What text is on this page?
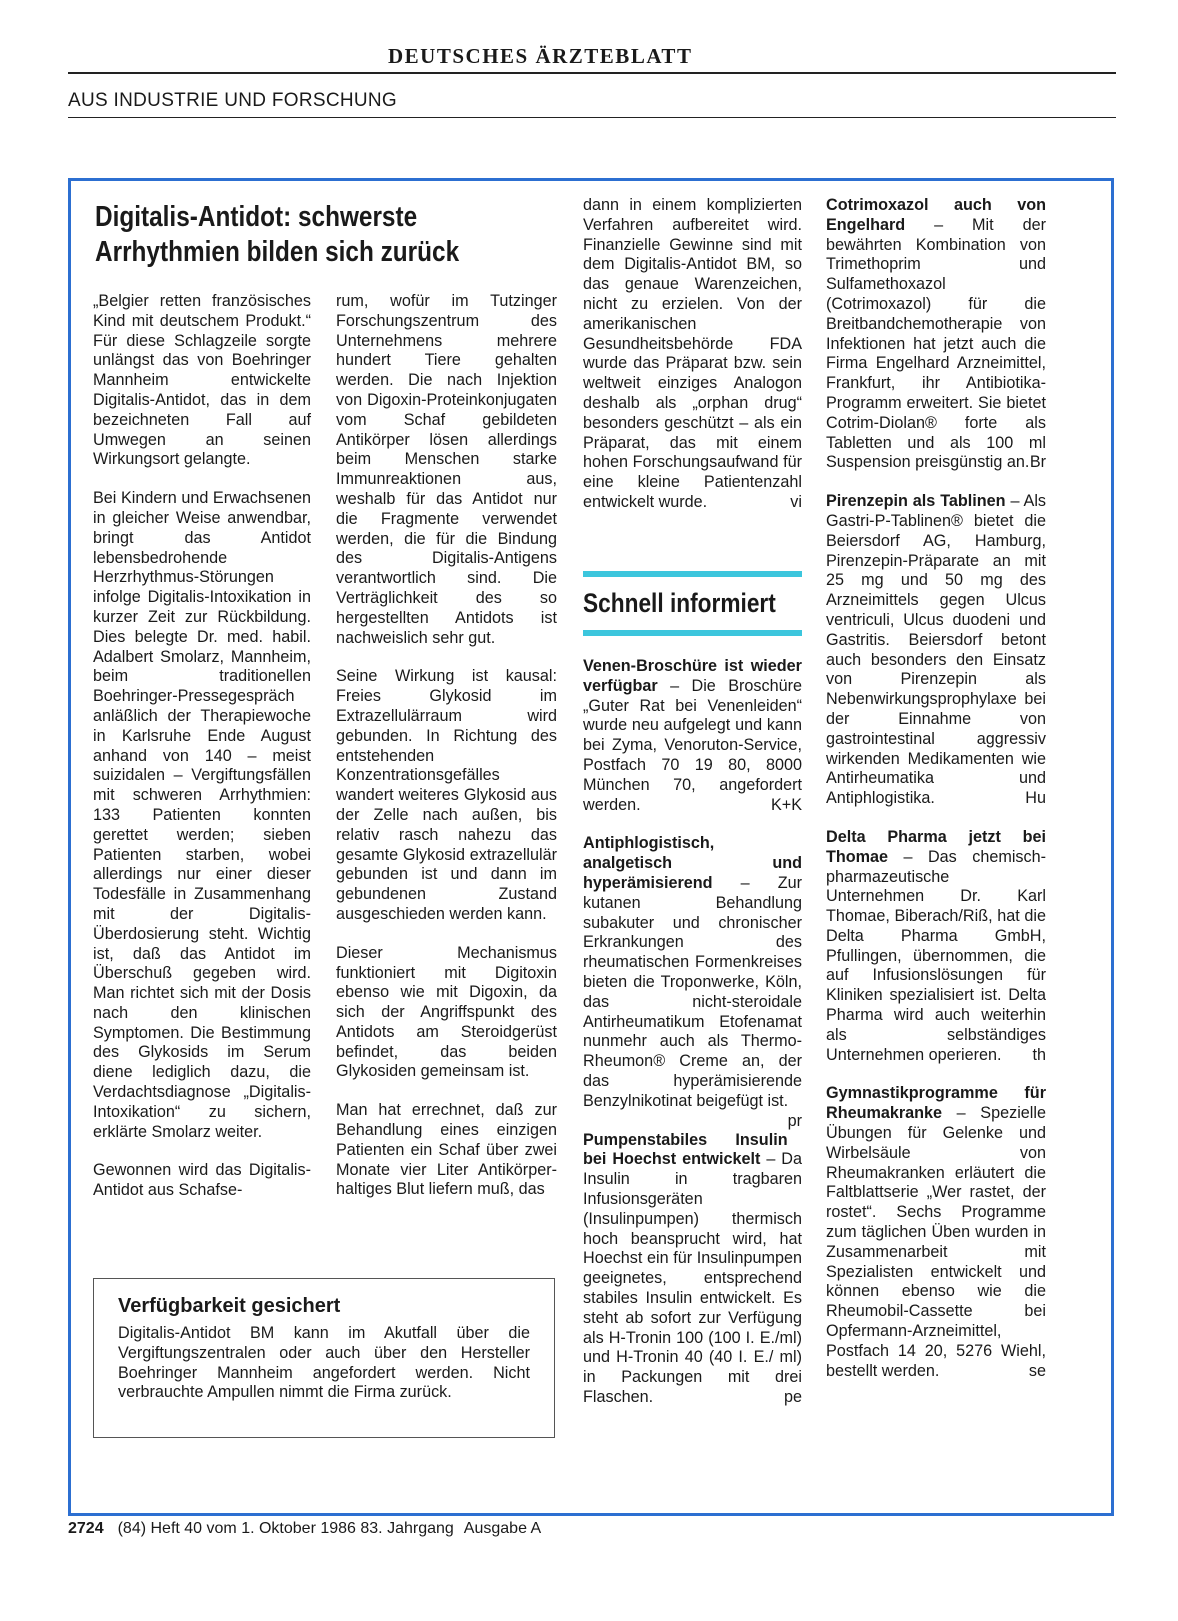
DEUTSCHES ÄRZTEBLATT
AUS INDUSTRIE UND FORSCHUNG
Digitalis-Antidot: schwerste Arrhythmien bilden sich zurück

„Belgier retten französisches Kind mit deutschem Produkt.“ Für diese Schlagzeile sorgte unlängst das von Boehringer Mannheim entwickelte Digitalis-Antidot, das in dem bezeichneten Fall auf Umwegen an seinen Wirkungsort gelangte.

Bei Kindern und Erwachsenen in gleicher Weise anwendbar, bringt das Antidot lebensbedrohende Herzrhythmus-Störungen infolge Digitalis-Intoxikation in kurzer Zeit zur Rückbildung. Dies belegte Dr. med. habil. Adalbert Smolarz, Mannheim, beim traditionellen Boehringer-Pressegespräch anläßlich der Therapiewoche in Karlsruhe Ende August anhand von 140 – meist suizidalen – Vergiftungsfällen mit schweren Arrhythmien: 133 Patienten konnten gerettet werden; sieben Patienten starben, wobei allerdings nur einer dieser Todesfälle in Zusammenhang mit der Digitalis-Überdosierung steht. Wichtig ist, daß das Antidot im Überschuß gegeben wird. Man richtet sich mit der Dosis nach den klinischen Symptomen. Die Bestimmung des Glykosids im Serum diene lediglich dazu, die Verdachtsdiagnose „Digitalis-Intoxikation“ zu sichern, erklärte Smolarz weiter.

Gewonnen wird das Digitalis-Antidot aus Schafse-

rum, wofür im Tutzinger Forschungszentrum des Unternehmens mehrere hundert Tiere gehalten werden. Die nach Injektion von Digoxin-Proteinkonjugaten vom Schaf gebildeten Antikörper lösen allerdings beim Menschen starke Immunreaktionen aus, weshalb für das Antidot nur die Fragmente verwendet werden, die für die Bindung des Digitalis-Antigens verantwortlich sind. Die Verträglichkeit des so hergestellten Antidots ist nachweislich sehr gut.

Seine Wirkung ist kausal: Freies Glykosid im Extrazellulärraum wird gebunden. In Richtung des entstehenden Konzentrationsgefälles wandert weiteres Glykosid aus der Zelle nach außen, bis relativ rasch nahezu das gesamte Glykosid extrazellulär gebunden ist und dann im gebundenen Zustand ausgeschieden werden kann.

Dieser Mechanismus funktioniert mit Digitoxin ebenso wie mit Digoxin, da sich der Angriffspunkt des Antidots am Steroidgerüst befindet, das beiden Glykosiden gemeinsam ist.

Man hat errechnet, daß zur Behandlung eines einzigen Patienten ein Schaf über zwei Monate vier Liter Antikörper-haltiges Blut liefern muß, das

Verfügbarkeit gesichert
Digitalis-Antidot BM kann im Akutfall über die Vergiftungszentralen oder auch über den Hersteller Boehringer Mannheim angefordert werden. Nicht verbrauchte Ampullen nimmt die Firma zurück.

dann in einem komplizierten Verfahren aufbereitet wird. Finanzielle Gewinne sind mit dem Digitalis-Antidot BM, so das genaue Warenzeichen, nicht zu erzielen. Von der amerikanischen Gesundheitsbehörde FDA wurde das Präparat bzw. sein weltweit einziges Analogon deshalb als „orphan drug“ besonders geschützt – als ein Präparat, das mit einem hohen Forschungsaufwand für eine kleine Patientenzahl entwickelt wurde.	vi

Schnell informiert

Venen-Broschüre ist wieder verfügbar – Die Broschüre „Guter Rat bei Venenleiden“ wurde neu aufgelegt und kann bei Zyma, Venoruton-Service, Postfach 70 19 80, 8000 München 70, angefordert werden.	K+K

Antiphlogistisch, analgetisch und hyperämisierend – Zur kutanen Behandlung subakuter und chronischer Erkrankungen des rheumatischen Formenkreises bieten die Troponwerke, Köln, das nicht-steroidale Antirheumatikum Etofenamat nunmehr auch als Thermo-Rheumon® Creme an, der das hyperämisierende Benzylnikotinat beigefügt ist.
pr

Pumpenstabiles Insulin bei Hoechst entwickelt – Da Insulin in tragbaren Infusionsgeräten (Insulinpumpen) thermisch hoch beansprucht wird, hat Hoechst ein für Insulinpumpen geeignetes, entsprechend stabiles Insulin entwickelt. Es steht ab sofort zur Verfügung als H-Tronin 100 (100 I. E./ml) und H-Tronin 40 (40 I. E./ ml) in Packungen mit drei Flaschen.	pe

Cotrimoxazol auch von Engelhard – Mit der bewährten Kombination von Trimethoprim und Sulfamethoxazol (Cotrimoxazol) für die Breitbandchemotherapie von Infektionen hat jetzt auch die Firma Engelhard Arzneimittel, Frankfurt, ihr Antibiotika-Programm erweitert. Sie bietet Cotrim-Diolan® forte als Tabletten und als 100 ml Suspension preisgünstig an. Br

Pirenzepin als Tablinen – Als Gastri-P-Tablinen® bietet die Beiersdorf AG, Hamburg, Pirenzepin-Präparate an mit 25 mg und 50 mg des Arzneimittels gegen Ulcus ventriculi, Ulcus duodeni und Gastritis. Beiersdorf betont auch besonders den Einsatz von Pirenzepin als Nebenwirkungsprophylaxe bei der Einnahme von gastrointestinal aggressiv wirkenden Medikamenten wie Antirheumatika und Antiphlogistika.	Hu

Delta Pharma jetzt bei Thomae – Das chemisch-pharmazeutische Unternehmen Dr. Karl Thomae, Biberach/Riß, hat die Delta Pharma GmbH, Pfullingen, übernommen, die auf Infusionslösungen für Kliniken spezialisiert ist. Delta Pharma wird auch weiterhin als selbständiges Unternehmen operieren. th

Gymnastikprogramme für Rheumakranke – Spezielle Übungen für Gelenke und Wirbelsäule von Rheumakranken erläutert die Faltblattserie „Wer rastet, der rostet“. Sechs Programme zum täglichen Üben wurden in Zusammenarbeit mit Spezialisten entwickelt und können ebenso wie die Rheumobil-Cassette bei Opfermann-Arzneimittel, Postfach 14 20, 5276 Wiehl, bestellt werden.	se

2724 (84) Heft 40 vom 1. Oktober 1986 83. Jahrgang Ausgabe A
